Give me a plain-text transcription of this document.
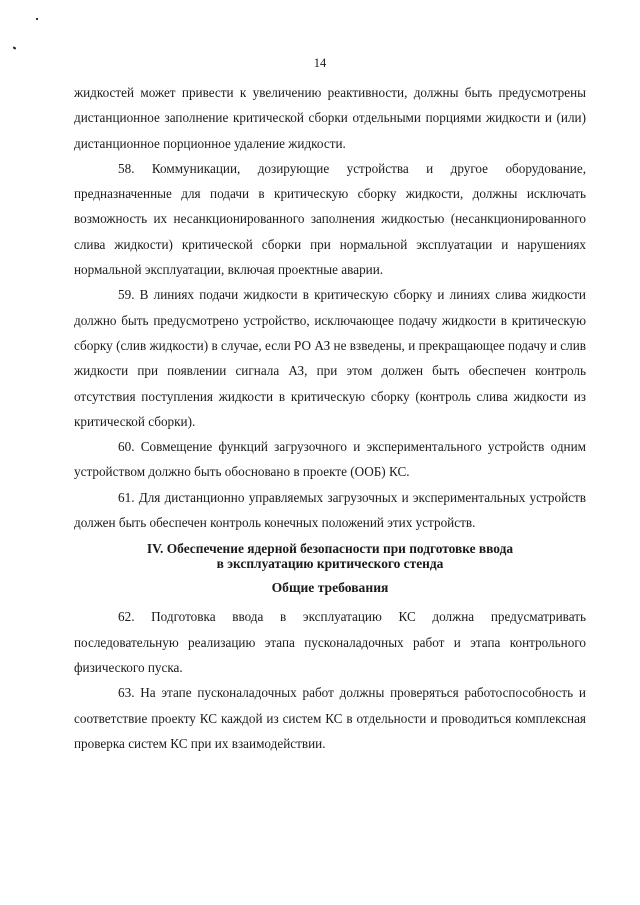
14

жидкостей может привести к увеличению реактивности, должны быть предусмотрены дистанционное заполнение критической сборки отдельными порциями жидкости и (или) дистанционное порционное удаление жидкости.

58. Коммуникации, дозирующие устройства и другое оборудование, предназначенные для подачи в критическую сборку жидкости, должны исключать возможность их несанкционированного заполнения жидкостью (несанкционированного слива жидкости) критической сборки при нормальной эксплуатации и нарушениях нормальной эксплуатации, включая проектные аварии.

59. В линиях подачи жидкости в критическую сборку и линиях слива жидкости должно быть предусмотрено устройство, исключающее подачу жидкости в критическую сборку (слив жидкости) в случае, если РО АЗ не взведены, и прекращающее подачу и слив жидкости при появлении сигнала АЗ, при этом должен быть обеспечен контроль отсутствия поступления жидкости в критическую сборку (контроль слива жидкости из критической сборки).

60. Совмещение функций загрузочного и экспериментального устройств одним устройством должно быть обосновано в проекте (ООБ) КС.

61. Для дистанционно управляемых загрузочных и экспериментальных устройств должен быть обеспечен контроль конечных положений этих устройств.

IV. Обеспечение ядерной безопасности при подготовке ввода
в эксплуатацию критического стенда
Общие требования

62. Подготовка ввода в эксплуатацию КС должна предусматривать последовательную реализацию этапа пусконаладочных работ и этапа контрольного физического пуска.

63. На этапе пусконаладочных работ должны проверяться работоспособность и соответствие проекту КС каждой из систем КС в отдельности и проводиться комплексная проверка систем КС при их взаимодействии.
